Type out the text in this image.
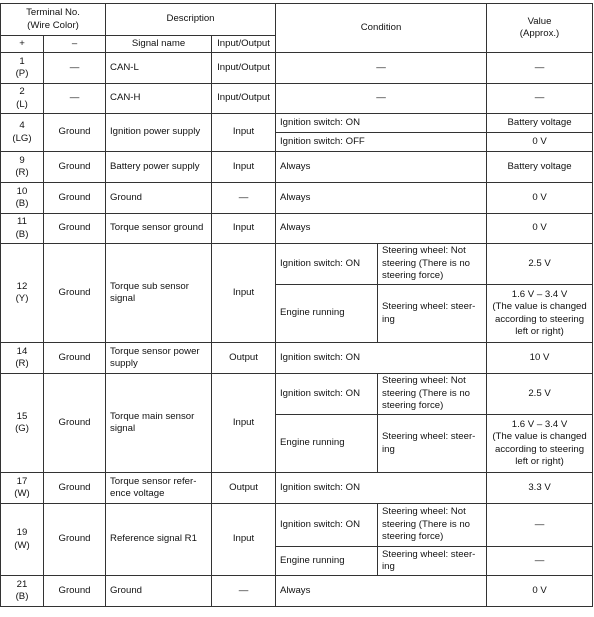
Terminal No.
(Wire Color)		Description		Condition		Value
(Approx.)
+	–	Signal name	Input/Output			
1
(P)	—	CAN-L	Input/Output	—		—
2
(L)	—	CAN-H	Input/Output	—		—
4
(LG)	Ground	Ignition power supply	Input	Ignition switch: ON		Battery voltage
				Ignition switch: OFF		0 V
9
(R)	Ground	Battery power supply	Input	Always		Battery voltage
10
(B)	Ground	Ground	—	Always		0 V
11
(B)	Ground	Torque sensor ground	Input	Always		0 V
12
(Y)	Ground	Torque sub sensor
signal	Input	Ignition switch: ON	Steering wheel: Not
steering (There is no
steering force)	2.5 V
				Engine running	Steering wheel: steer-
ing	1.6 V – 3.4 V
(The value is changed
according to steering
left or right)
14
(R)	Ground	Torque sensor power
supply	Output	Ignition switch: ON		10 V
15
(G)	Ground	Torque main sensor
signal	Input	Ignition switch: ON	Steering wheel: Not
steering (There is no
steering force)	2.5 V
				Engine running	Steering wheel: steer-
ing	1.6 V – 3.4 V
(The value is changed
according to steering
left or right)
17
(W)	Ground	Torque sensor refer-
ence voltage	Output	Ignition switch: ON		3.3 V
19
(W)	Ground	Reference signal R1	Input	Ignition switch: ON	Steering wheel: Not
steering (There is no
steering force)	—
				Engine running	Steering wheel: steer-
ing	—
21
(B)	Ground	Ground	—	Always		0 V
